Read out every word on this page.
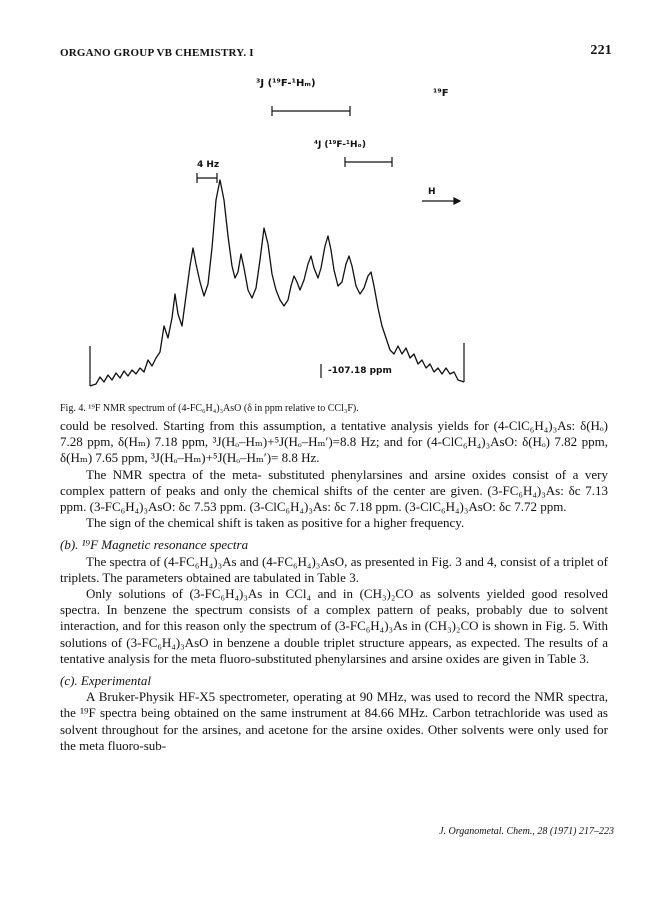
ORGANO GROUP VB CHEMISTRY. I	221
³J (¹⁹F-¹Hₘ)
¹⁹F
⁴J (¹⁹F-¹Hₒ)
4 Hz
H
-107.18 ppm
Fig. 4. ¹⁹F NMR spectrum of (4-FC₆H₄)₃AsO (δ in ppm relative to CCl₃F).

could be resolved. Starting from this assumption, a tentative analysis yields for (4-ClC₆H₄)₃As: δ(Hₒ) 7.28 ppm, δ(Hₘ) 7.18 ppm, ³J(Hₒ–Hₘ)+⁵J(Hₒ–Hₘ′)=8.8 Hz; and for (4-ClC₆H₄)₃AsO: δ(Hₒ) 7.82 ppm, δ(Hₘ) 7.65 ppm, ³J(Hₒ–Hₘ)+⁵J(Hₒ–Hₘ′)= 8.8 Hz.

The NMR spectra of the meta- substituted phenylarsines and arsine oxides consist of a very complex pattern of peaks and only the chemical shifts of the center are given. (3-FC₆H₄)₃As: δc 7.13 ppm. (3-FC₆H₄)₃AsO: δc 7.53 ppm. (3-ClC₆H₄)₃As: δc 7.18 ppm. (3-ClC₆H₄)₃AsO: δc 7.72 ppm.

The sign of the chemical shift is taken as positive for a higher frequency.

(b). ¹⁹F Magnetic resonance spectra

The spectra of (4-FC₆H₄)₃As and (4-FC₆H₄)₃AsO, as presented in Fig. 3 and 4, consist of a triplet of triplets. The parameters obtained are tabulated in Table 3.

Only solutions of (3-FC₆H₄)₃As in CCl₄ and in (CH₃)₂CO as solvents yielded good resolved spectra. In benzene the spectrum consists of a complex pattern of peaks, probably due to solvent interaction, and for this reason only the spectrum of (3-FC₆H₄)₃As in (CH₃)₂CO is shown in Fig. 5. With solutions of (3-FC₆H₄)₃AsO in benzene a double triplet structure appears, as expected. The results of a tentative analysis for the meta fluoro-substituted phenylarsines and arsine oxides are given in Table 3.

(c). Experimental

A Bruker-Physik HF-X5 spectrometer, operating at 90 MHz, was used to record the NMR spectra, the ¹⁹F spectra being obtained on the same instrument at 84.66 MHz. Carbon tetrachloride was used as solvent throughout for the arsines, and acetone for the arsine oxides. Other solvents were only used for the meta fluoro-sub-

J. Organometal. Chem., 28 (1971) 217–223
